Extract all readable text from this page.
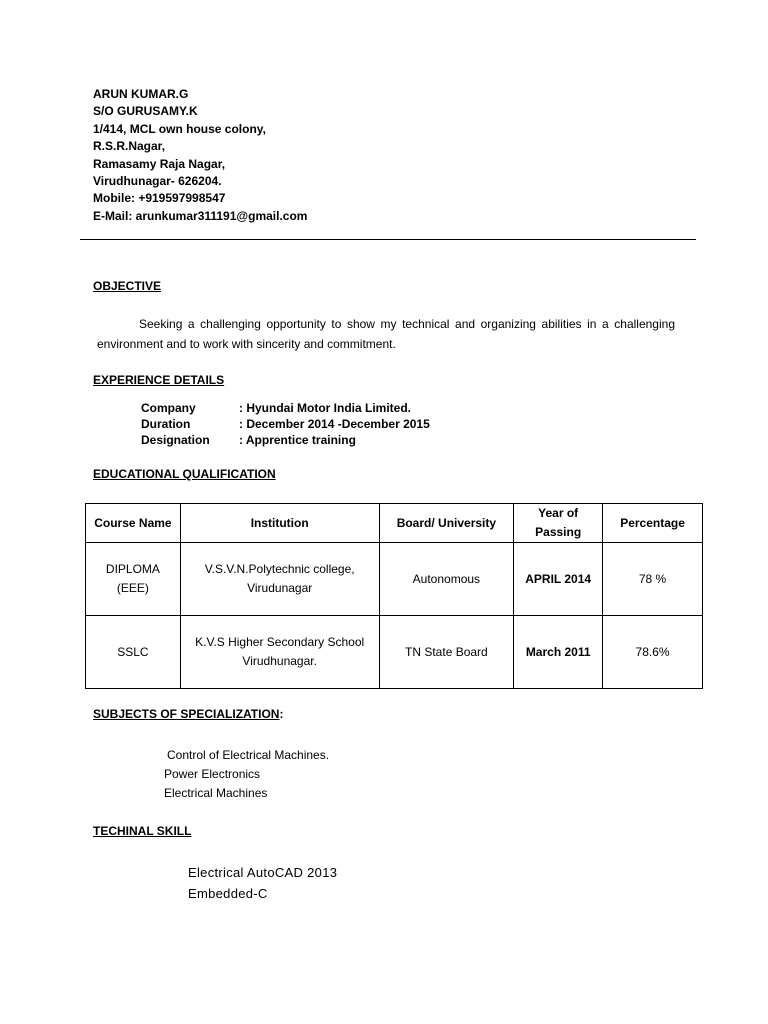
ARUN KUMAR.G
S/O GURUSAMY.K
1/414, MCL own house colony,
R.S.R.Nagar,
Ramasamy Raja Nagar,
Virudhunagar- 626204.
Mobile: +919597998547
E-Mail: arunkumar311191@gmail.com
OBJECTIVE
Seeking a challenging opportunity to show my technical and organizing abilities in a challenging environment and to work with sincerity and commitment.
EXPERIENCE DETAILS
Company	: Hyundai Motor India Limited.
Duration	: December 2014 -December 2015
Designation	: Apprentice training
EDUCATIONAL QUALIFICATION
Course Name	Institution	Board/ University	Year of Passing	Percentage
DIPLOMA (EEE)	V.S.V.N.Polytechnic college, Virudunagar	Autonomous	APRIL 2014	78 %
SSLC	K.V.S Higher Secondary School Virudhunagar.	TN State Board	March 2011	78.6%
SUBJECTS OF SPECIALIZATION:
Control of Electrical Machines.
Power Electronics
Electrical Machines
TECHINAL SKILL
Electrical AutoCAD 2013
Embedded-C
